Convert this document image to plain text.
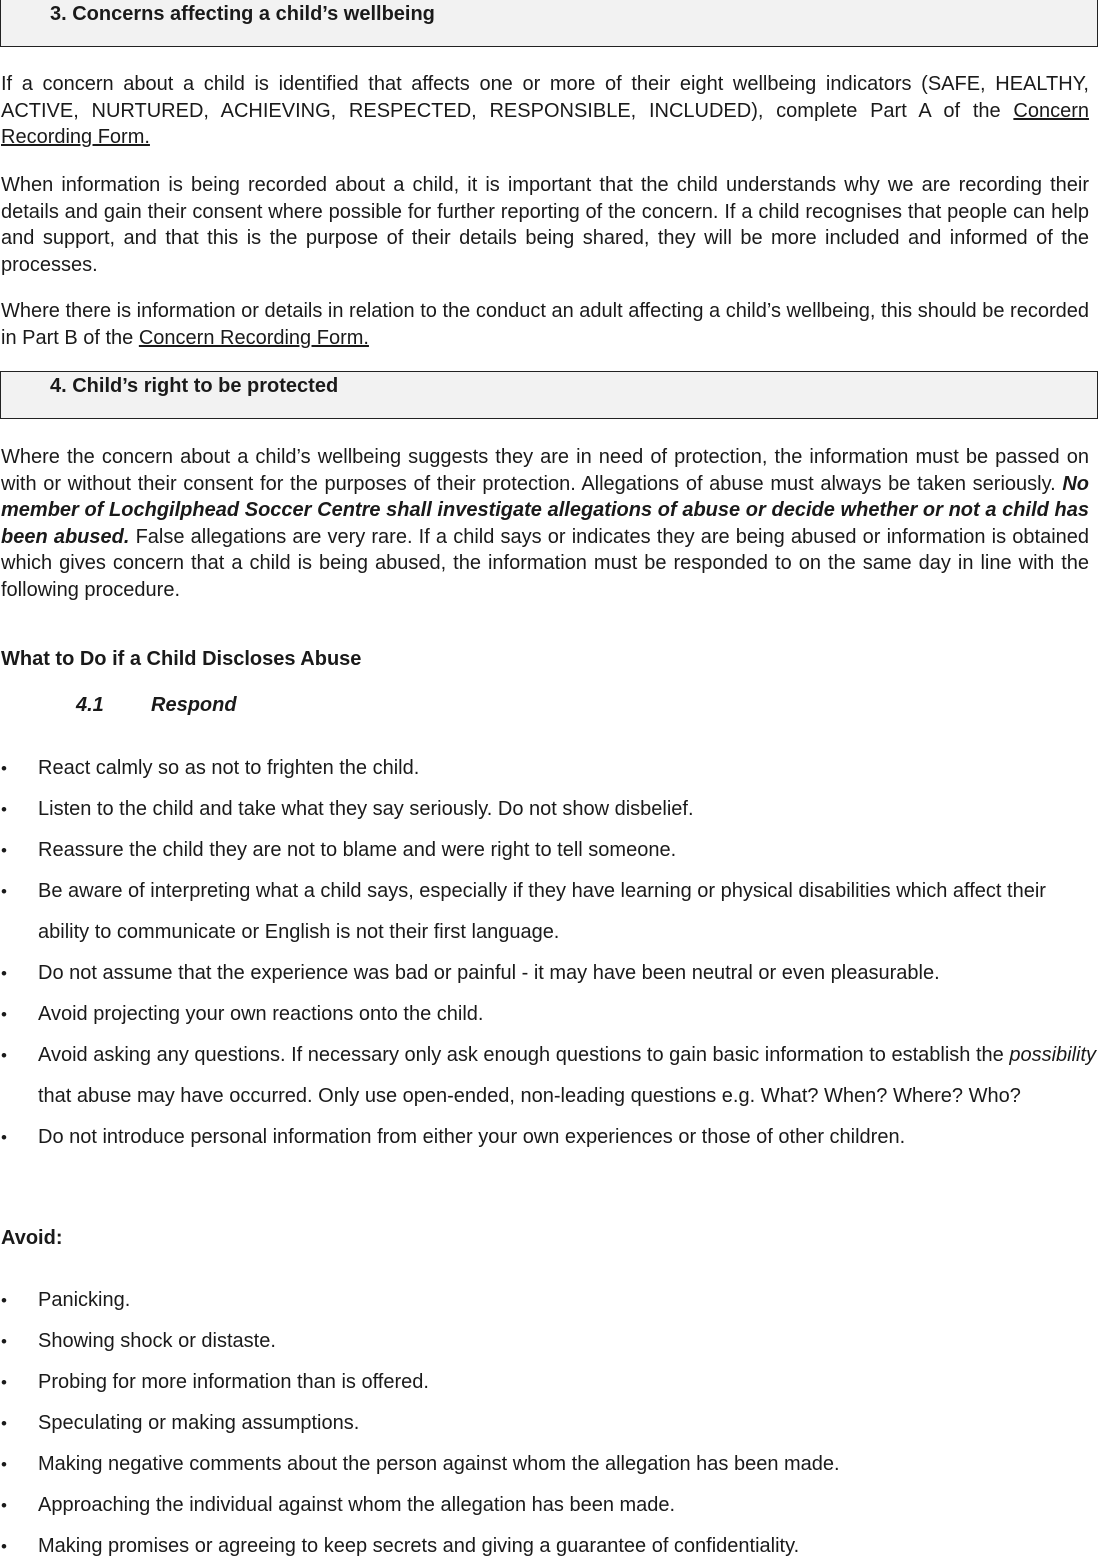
3. Concerns affecting a child’s wellbeing

If a concern about a child is identified that affects one or more of their eight wellbeing indicators (SAFE, HEALTHY, ACTIVE, NURTURED, ACHIEVING, RESPECTED, RESPONSIBLE, INCLUDED), complete Part A of the Concern Recording Form.

When information is being recorded about a child, it is important that the child understands why we are recording their details and gain their consent where possible for further reporting of the concern. If a child recognises that people can help and support, and that this is the purpose of their details being shared, they will be more included and informed of the processes.

Where there is information or details in relation to the conduct an adult affecting a child’s wellbeing, this should be recorded in Part B of the Concern Recording Form.

4. Child’s right to be protected

Where the concern about a child’s wellbeing suggests they are in need of protection, the information must be passed on with or without their consent for the purposes of their protection. Allegations of abuse must always be taken seriously. No member of Lochgilphead Soccer Centre shall investigate allegations of abuse or decide whether or not a child has been abused. False allegations are very rare. If a child says or indicates they are being abused or information is obtained which gives concern that a child is being abused, the information must be responded to on the same day in line with the following procedure.

What to Do if a Child Discloses Abuse

4.1 Respond

• React calmly so as not to frighten the child.
• Listen to the child and take what they say seriously. Do not show disbelief.
• Reassure the child they are not to blame and were right to tell someone.
• Be aware of interpreting what a child says, especially if they have learning or physical disabilities which affect their ability to communicate or English is not their first language.
• Do not assume that the experience was bad or painful - it may have been neutral or even pleasurable.
• Avoid projecting your own reactions onto the child.
• Avoid asking any questions. If necessary only ask enough questions to gain basic information to establish the possibility that abuse may have occurred. Only use open-ended, non-leading questions e.g. What? When? Where? Who?
• Do not introduce personal information from either your own experiences or those of other children.

Avoid:

• Panicking.
• Showing shock or distaste.
• Probing for more information than is offered.
• Speculating or making assumptions.
• Making negative comments about the person against whom the allegation has been made.
• Approaching the individual against whom the allegation has been made.
• Making promises or agreeing to keep secrets and giving a guarantee of confidentiality.
